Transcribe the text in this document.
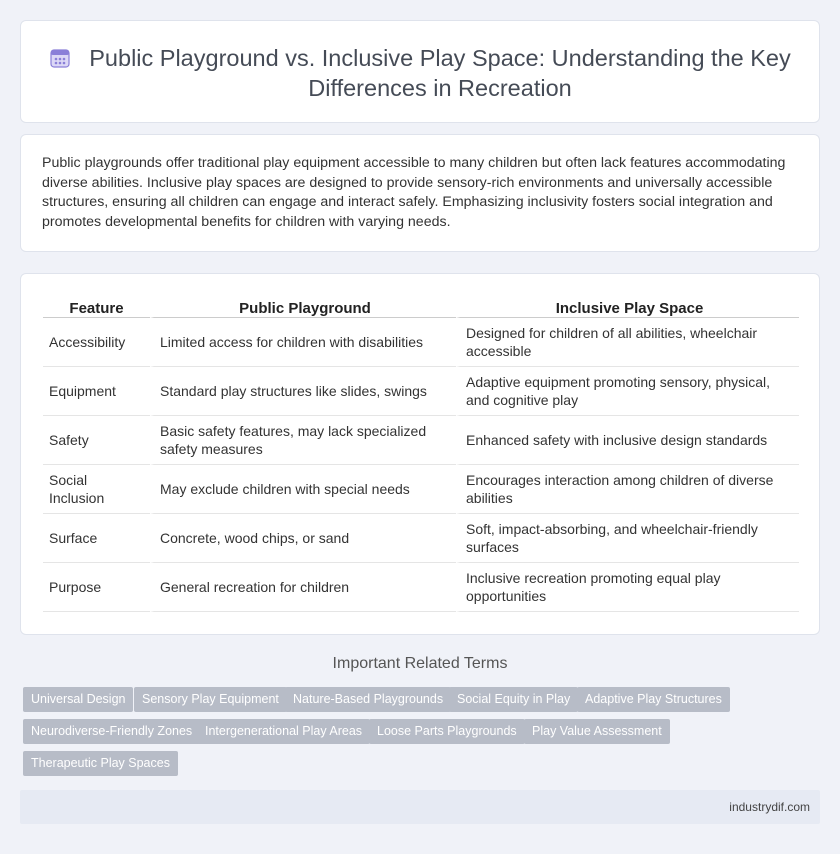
Public Playground vs. Inclusive Play Space: Understanding the Key Differences in Recreation

Public playgrounds offer traditional play equipment accessible to many children but often lack features accommodating diverse abilities. Inclusive play spaces are designed to provide sensory-rich environments and universally accessible structures, ensuring all children can engage and interact safely. Emphasizing inclusivity fosters social integration and promotes developmental benefits for children with varying needs.

Feature	Public Playground	Inclusive Play Space
Accessibility	Limited access for children with disabilities	Designed for children of all abilities, wheelchair accessible
Equipment	Standard play structures like slides, swings	Adaptive equipment promoting sensory, physical, and cognitive play
Safety	Basic safety features, may lack specialized safety measures	Enhanced safety with inclusive design standards
Social Inclusion	May exclude children with special needs	Encourages interaction among children of diverse abilities
Surface	Concrete, wood chips, or sand	Soft, impact-absorbing, and wheelchair-friendly surfaces
Purpose	General recreation for children	Inclusive recreation promoting equal play opportunities
Important Related Terms
Universal Design	Sensory Play Equipment	Nature-Based Playgrounds	Social Equity in Play	Adaptive Play Structures
Neurodiverse-Friendly Zones	Intergenerational Play Areas	Loose Parts Playgrounds	Play Value Assessment
Therapeutic Play Spaces
industrydif.com
